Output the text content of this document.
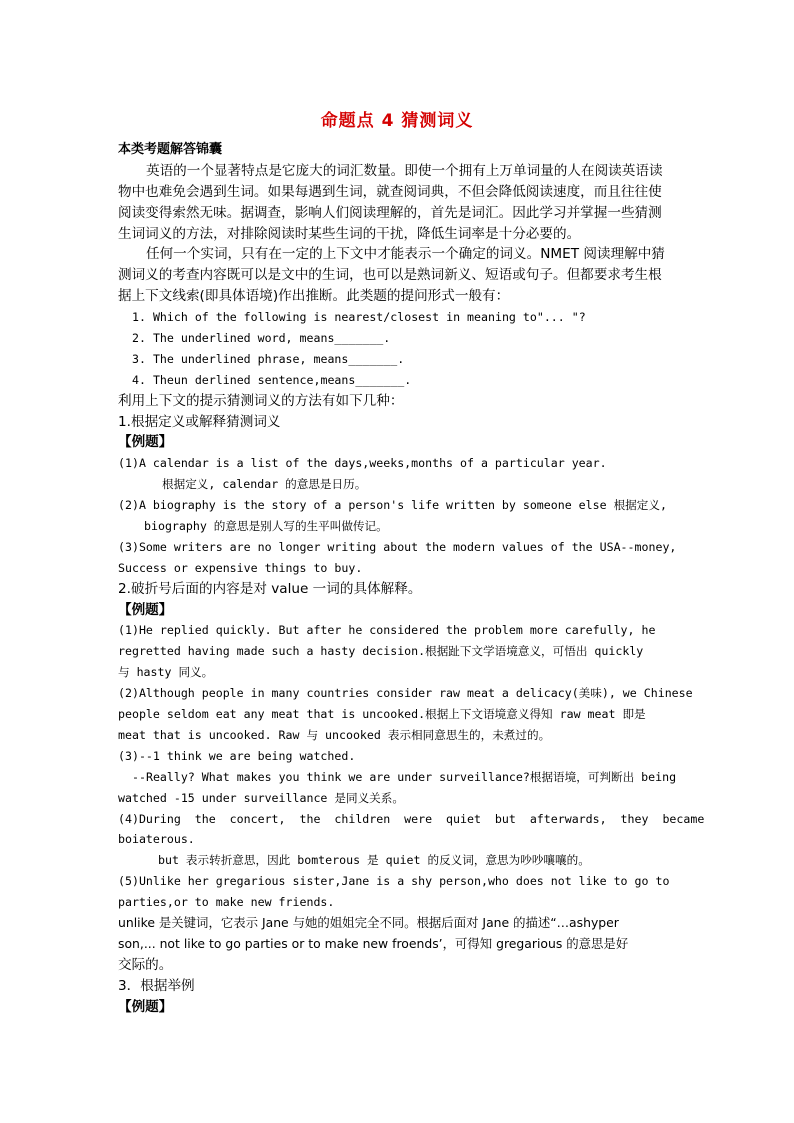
命题点 4 猜测词义
本类考题解答锦囊
英语的一个显著特点是它庞大的词汇数量。即使一个拥有上万单词量的人在阅读英语读
物中也难免会遇到生词。如果每遇到生词，就查阅词典，不但会降低阅读速度，而且往往使
阅读变得索然无味。据调查，影响人们阅读理解的，首先是词汇。因此学习并掌握一些猜测
生词词义的方法，对排除阅读时某些生词的干扰，降低生词率是十分必要的。
任何一个实词，只有在一定的上下文中才能表示一个确定的词义。NMET 阅读理解中猜
测词义的考查内容既可以是文中的生词，也可以是熟词新义、短语或句子。但都要求考生根
据上下文线索(即具体语境)作出推断。此类题的提问形式一般有：
1. Which of the following is nearest/closest in meaning to"... "?
2. The underlined word, means_______.
3. The underlined phrase, means_______.
4. Theun derlined sentence,means_______.
利用上下文的提示猜测词义的方法有如下几种：
1.根据定义或解释猜测词义
【例题】
(1)A calendar is a list of the days,weeks,months of a particular year.
根据定义, calendar 的意思是日历。
(2)A biography is the story of a person's life written by someone else 根据定义,
biography 的意思是别人写的生平叫做传记。
(3)Some writers are no longer writing about the modern values of the USA--money,
Success or expensive things to buy.
2.破折号后面的内容是对 value 一词的具体解释。
【例题】
(1)He replied quickly. But after he considered the problem more carefully, he
regretted having made such a hasty decision.根据趾下文学语境意义，可悟出 quickly
与 hasty 同义。
(2)Although people in many countries consider raw meat a delicacy(美味), we Chinese
people seldom eat any meat that is uncooked.根据上下文语境意义得知 raw meat 即是
meat that is uncooked. Raw 与 uncooked 表示相同意思生的，未煮过的。
(3)--1 think we are being watched.
--Really? What makes you think we are under surveillance?根据语境，可判断出 being
watched -15 under surveillance 是同义关系。
(4)During  the  concert,  the  children  were  quiet  but  afterwards,  they  became
boiaterous.
but 表示转折意思，因此 bomterous 是 quiet 的反义词，意思为吵吵嚷嚷的。
(5)Unlike her gregarious sister,Jane is a shy person,who does not like to go to
parties,or to make new friends.
unlike 是关键词，它表示 Jane 与她的姐姐完全不同。根据后面对 Jane 的描述“…ashyper
son,... not like to go parties or to make new froends’，可得知 gregarious 的意思是好
交际的。
3．根据举例
【例题】
